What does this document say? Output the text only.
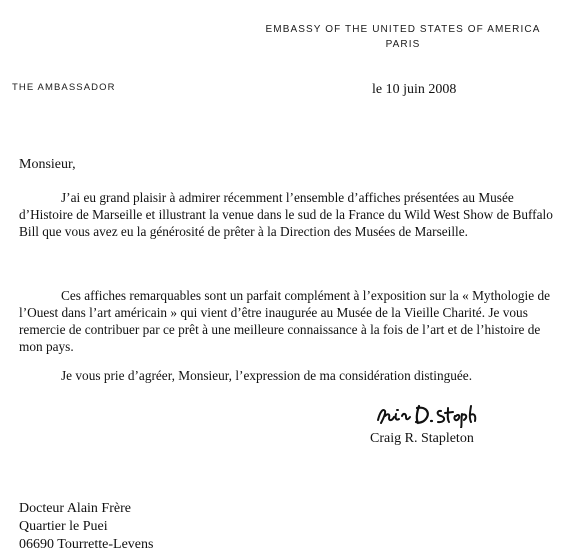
EMBASSY OF THE UNITED STATES OF AMERICA
PARIS
THE AMBASSADOR	le 10 juin 2008
Monsieur,

J’ai eu grand plaisir à admirer récemment l’ensemble d’affiches présentées au Musée d’Histoire de Marseille et illustrant la venue dans le sud de la France du Wild West Show de Buffalo Bill que vous avez eu la générosité de prêter à la Direction des Musées de Marseille.

Ces affiches remarquables sont un parfait complément à l’exposition sur la « Mythologie de l’Ouest dans l’art américain » qui vient d’être inaugurée au Musée de la Vieille Charité. Je vous remercie de contribuer par ce prêt à une meilleure connaissance à la fois de l’art et de l’histoire de mon pays.

Je vous prie d’agréer, Monsieur, l’expression de ma considération distinguée.

Craig R. Stapleton
Docteur Alain Frère
Quartier le Puei
06690 Tourrette-Levens
